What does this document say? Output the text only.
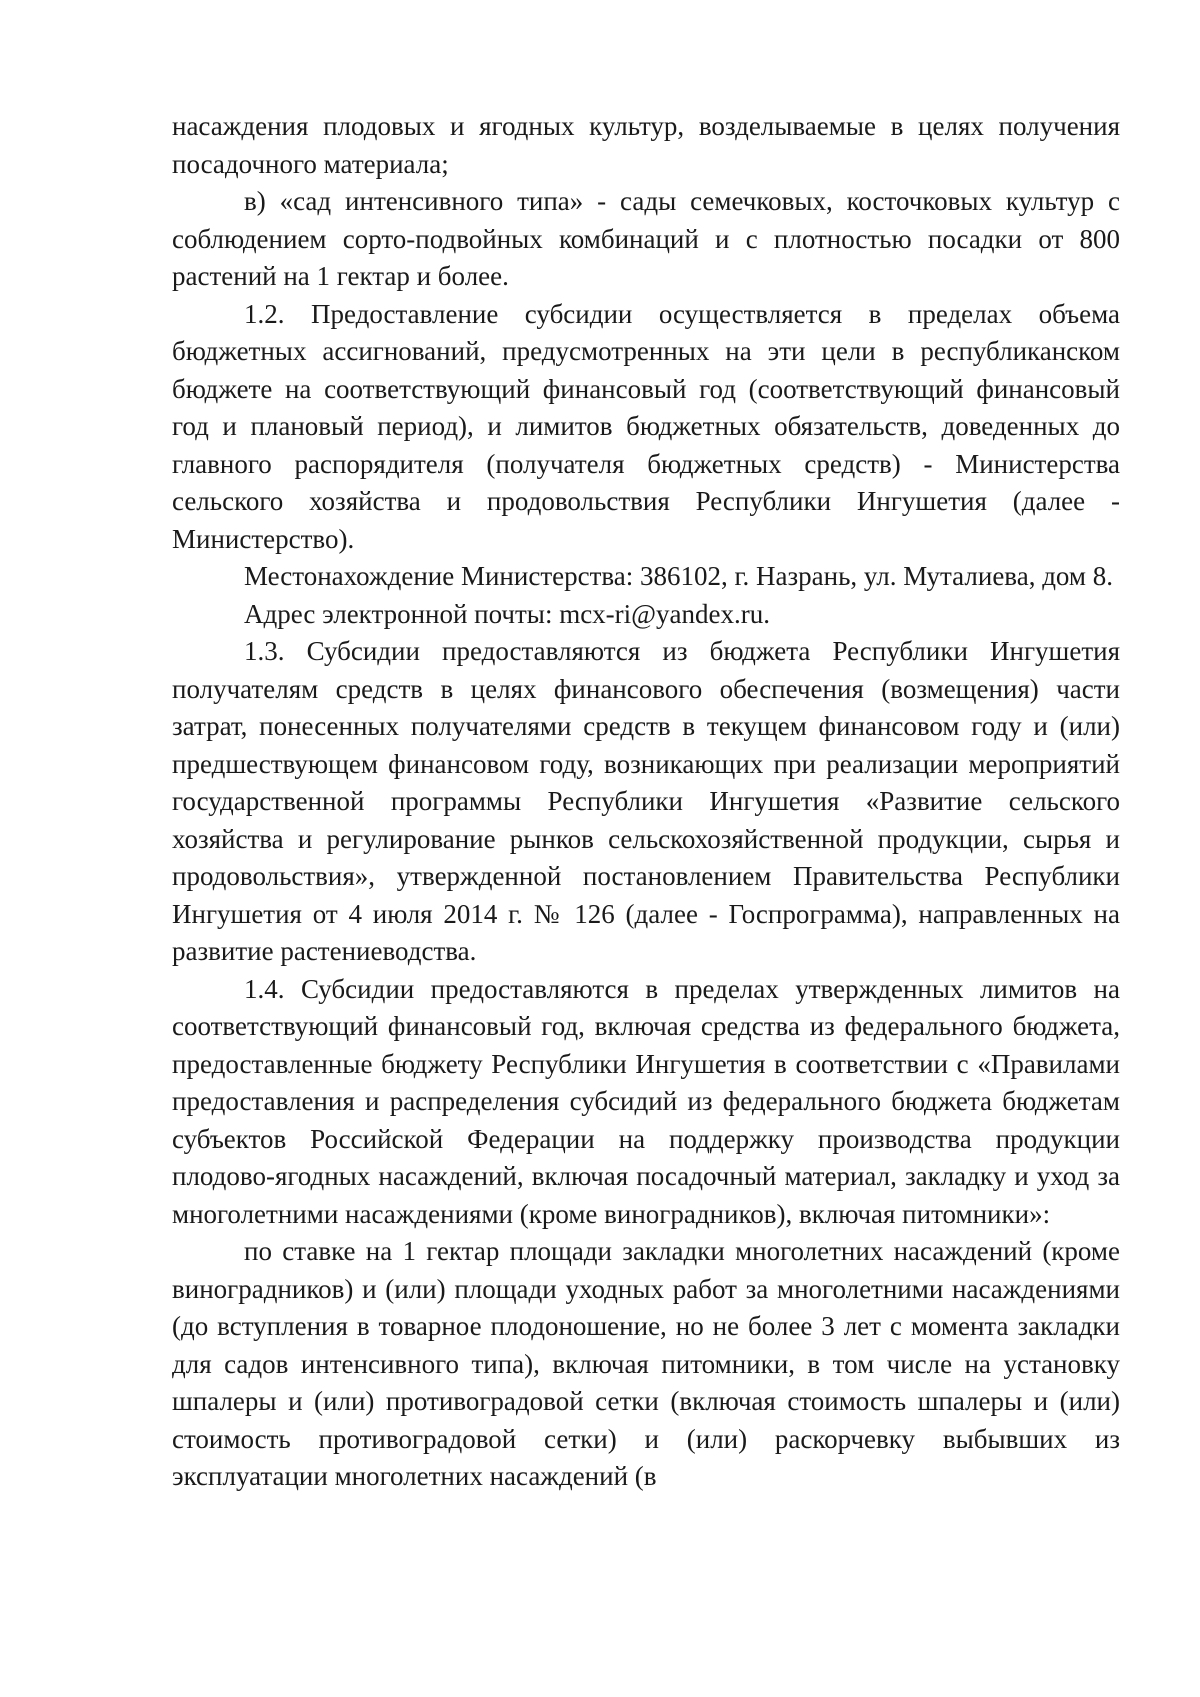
насаждения плодовых и ягодных культур, возделываемые в целях получения посадочного материала;

в) «сад интенсивного типа» - сады семечковых, косточковых культур с соблюдением сорто-подвойных комбинаций и с плотностью посадки от 800 растений на 1 гектар и более.

1.2. Предоставление субсидии осуществляется в пределах объема бюджетных ассигнований, предусмотренных на эти цели в республиканском бюджете на соответствующий финансовый год (соответствующий финансовый год и плановый период), и лимитов бюджетных обязательств, доведенных до главного распорядителя (получателя бюджетных средств) - Министерства сельского хозяйства и продовольствия Республики Ингушетия (далее - Министерство).

Местонахождение Министерства: 386102, г. Назрань, ул. Муталиева, дом 8.

Адрес электронной почты: mcx-ri@yandex.ru.

1.3. Субсидии предоставляются из бюджета Республики Ингушетия получателям средств в целях финансового обеспечения (возмещения) части затрат, понесенных получателями средств в текущем финансовом году и (или) предшествующем финансовом году, возникающих при реализации мероприятий государственной программы Республики Ингушетия «Развитие сельского хозяйства и регулирование рынков сельскохозяйственной продукции, сырья и продовольствия», утвержденной постановлением Правительства Республики Ингушетия от 4 июля 2014 г. № 126 (далее - Госпрограмма), направленных на развитие растениеводства.

1.4. Субсидии предоставляются в пределах утвержденных лимитов на соответствующий финансовый год, включая средства из федерального бюджета, предоставленные бюджету Республики Ингушетия в соответствии с «Правилами предоставления и распределения субсидий из федерального бюджета бюджетам субъектов Российской Федерации на поддержку производства продукции плодово-ягодных насаждений, включая посадочный материал, закладку и уход за многолетними насаждениями (кроме виноградников), включая питомники»:

по ставке на 1 гектар площади закладки многолетних насаждений (кроме виноградников) и (или) площади уходных работ за многолетними насаждениями (до вступления в товарное плодоношение, но не более 3 лет с момента закладки для садов интенсивного типа), включая питомники, в том числе на установку шпалеры и (или) противоградовой сетки (включая стоимость шпалеры и (или) стоимость противоградовой сетки) и (или) раскорчевку выбывших из эксплуатации многолетних насаждений (в
